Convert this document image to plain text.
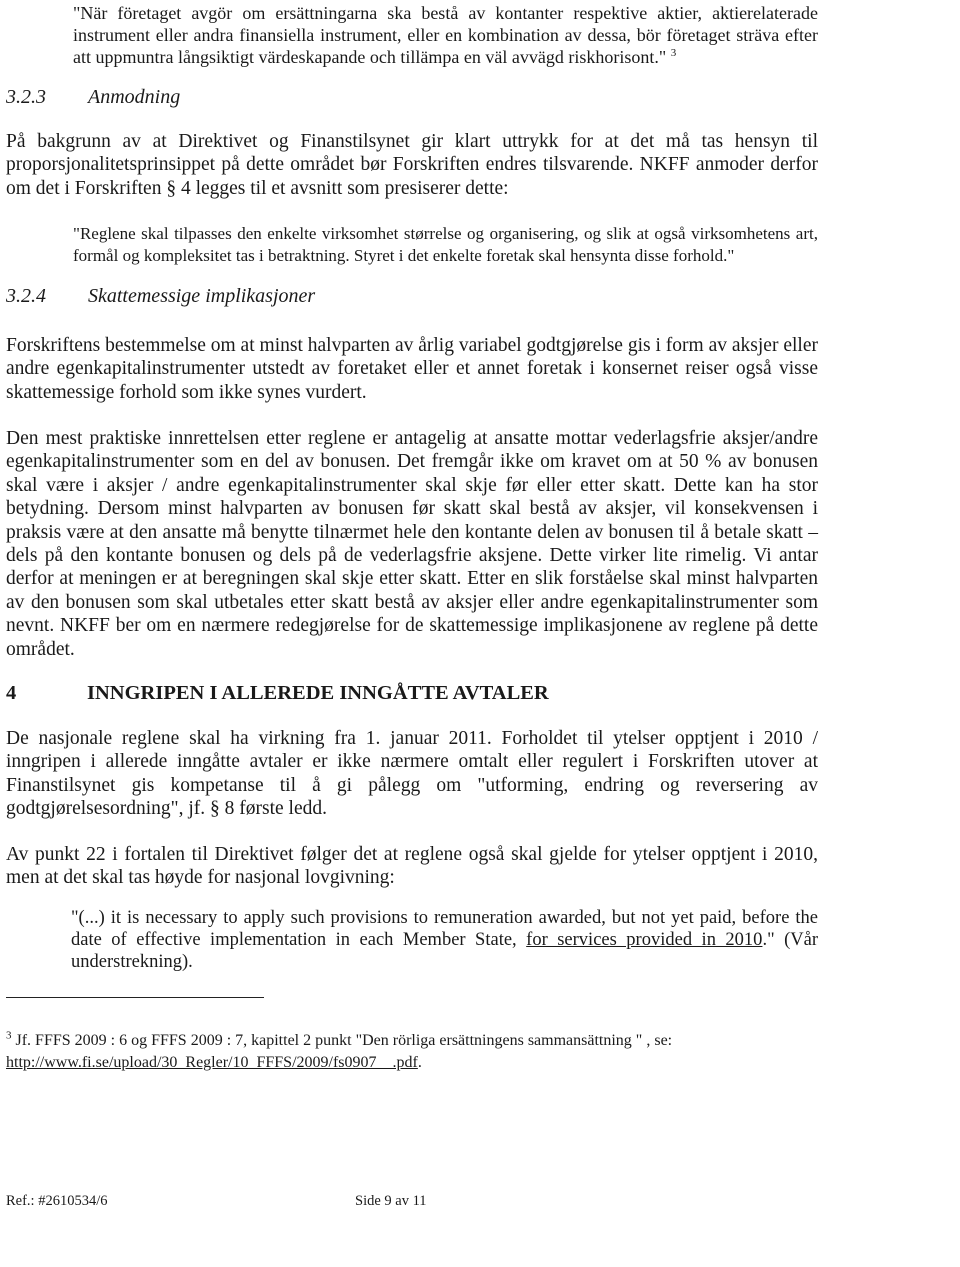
"När företaget avgör om ersättningarna ska bestå av kontanter respektive aktier, aktierelaterade instrument eller andra finansiella instrument, eller en kombination av dessa, bör företaget sträva efter att uppmuntra långsiktigt värdeskapande och tillämpa en väl avvägd riskhorisont." $^3$
3.2.3 Anmodning
På bakgrunn av at Direktivet og Finanstilsynet gir klart uttrykk for at det må tas hensyn til proporsjonalitetsprinsippet på dette området bør Forskriften endres tilsvarende. NKFF anmoder derfor om det i Forskriften § 4 legges til et avsnitt som presiserer dette:
"Reglene skal tilpasses den enkelte virksomhet størrelse og organisering, og slik at også virksomhetens art, formål og kompleksitet tas i betraktning. Styret i det enkelte foretak skal hensynta disse forhold."
3.2.4 Skattemessige implikasjoner
Forskriftens bestemmelse om at minst halvparten av årlig variabel godtgjørelse gis i form av aksjer eller andre egenkapitalinstrumenter utstedt av foretaket eller et annet foretak i konsernet reiser også visse skattemessige forhold som ikke synes vurdert.
Den mest praktiske innrettelsen etter reglene er antagelig at ansatte mottar vederlagsfrie aksjer/andre egenkapitalinstrumenter som en del av bonusen. Det fremgår ikke om kravet om at 50 % av bonusen skal være i aksjer / andre egenkapitalinstrumenter skal skje før eller etter skatt. Dette kan ha stor betydning. Dersom minst halvparten av bonusen før skatt skal bestå av aksjer, vil konsekvensen i praksis være at den ansatte må benytte tilnærmet hele den kontante delen av bonusen til å betale skatt – dels på den kontante bonusen og dels på de vederlagsfrie aksjene. Dette virker lite rimelig. Vi antar derfor at meningen er at beregningen skal skje etter skatt. Etter en slik forståelse skal minst halvparten av den bonusen som skal utbetales etter skatt bestå av aksjer eller andre egenkapitalinstrumenter som nevnt. NKFF ber om en nærmere redegjørelse for de skattemessige implikasjonene av reglene på dette området.
4	INNGRIPEN I ALLEREDE INNGÅTTE AVTALER
De nasjonale reglene skal ha virkning fra 1. januar 2011. Forholdet til ytelser opptjent i 2010 / inngripen i allerede inngåtte avtaler er ikke nærmere omtalt eller regulert i Forskriften utover at Finanstilsynet gis kompetanse til å gi pålegg om "utforming, endring og reversering av godtgjørelsesordning", jf. § 8 første ledd.
Av punkt 22 i fortalen til Direktivet følger det at reglene også skal gjelde for ytelser opptjent i 2010, men at det skal tas høyde for nasjonal lovgivning:
"(...) it is necessary to apply such provisions to remuneration awarded, but not yet paid, before the date of effective implementation in each Member State, for services provided in 2010." (Vår understrekning).
$^3$ Jf. FFFS 2009 : 6 og FFFS 2009 : 7, kapittel 2 punkt "Den rörliga ersättningens sammansättning " , se:
http://www.fi.se/upload/30_Regler/10_FFFS/2009/fs0907__.pdf.
Ref.: #2610534/6	Side 9 av 11
